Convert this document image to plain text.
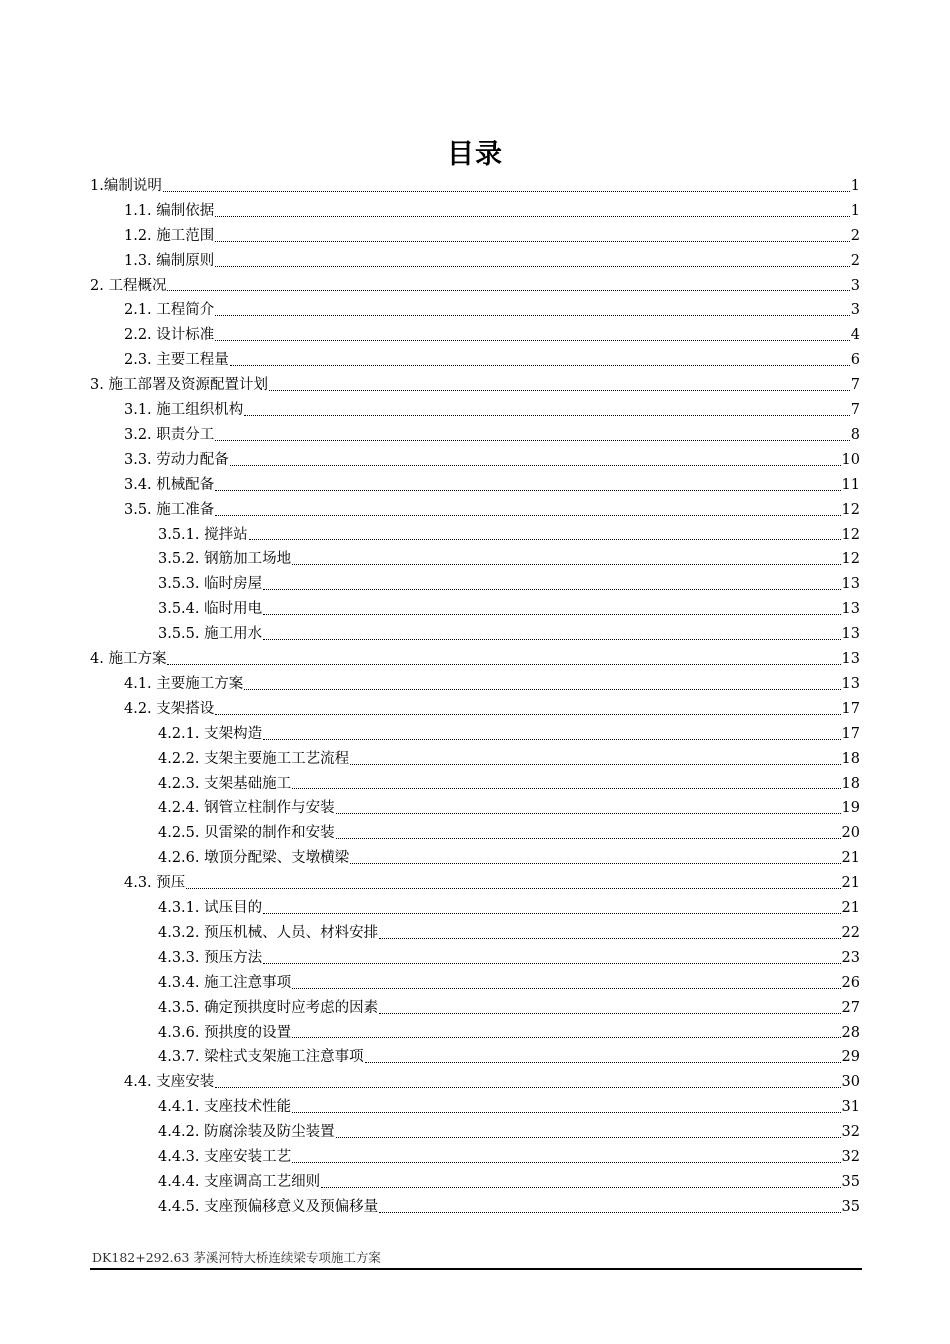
目录
1.编制说明	1
1.1. 编制依据	1
1.2. 施工范围	2
1.3. 编制原则	2
2. 工程概况	3
2.1. 工程简介	3
2.2. 设计标准	4
2.3. 主要工程量	6
3. 施工部署及资源配置计划	7
3.1. 施工组织机构	7
3.2. 职责分工	8
3.3. 劳动力配备	10
3.4. 机械配备	11
3.5. 施工准备	12
3.5.1. 搅拌站	12
3.5.2. 钢筋加工场地	12
3.5.3. 临时房屋	13
3.5.4. 临时用电	13
3.5.5. 施工用水	13
4. 施工方案	13
4.1. 主要施工方案	13
4.2. 支架搭设	17
4.2.1. 支架构造	17
4.2.2. 支架主要施工工艺流程	18
4.2.3. 支架基础施工	18
4.2.4. 钢管立柱制作与安装	19
4.2.5. 贝雷梁的制作和安装	20
4.2.6. 墩顶分配梁、支墩横梁	21
4.3. 预压	21
4.3.1. 试压目的	21
4.3.2. 预压机械、人员、材料安排	22
4.3.3. 预压方法	23
4.3.4. 施工注意事项	26
4.3.5. 确定预拱度时应考虑的因素	27
4.3.6. 预拱度的设置	28
4.3.7. 梁柱式支架施工注意事项	29
4.4. 支座安装	30
4.4.1. 支座技术性能	31
4.4.2. 防腐涂装及防尘装置	32
4.4.3. 支座安装工艺	32
4.4.4. 支座调高工艺细则	35
4.4.5. 支座预偏移意义及预偏移量	35
DK182+292.63 茅溪河特大桥连续梁专项施工方案
